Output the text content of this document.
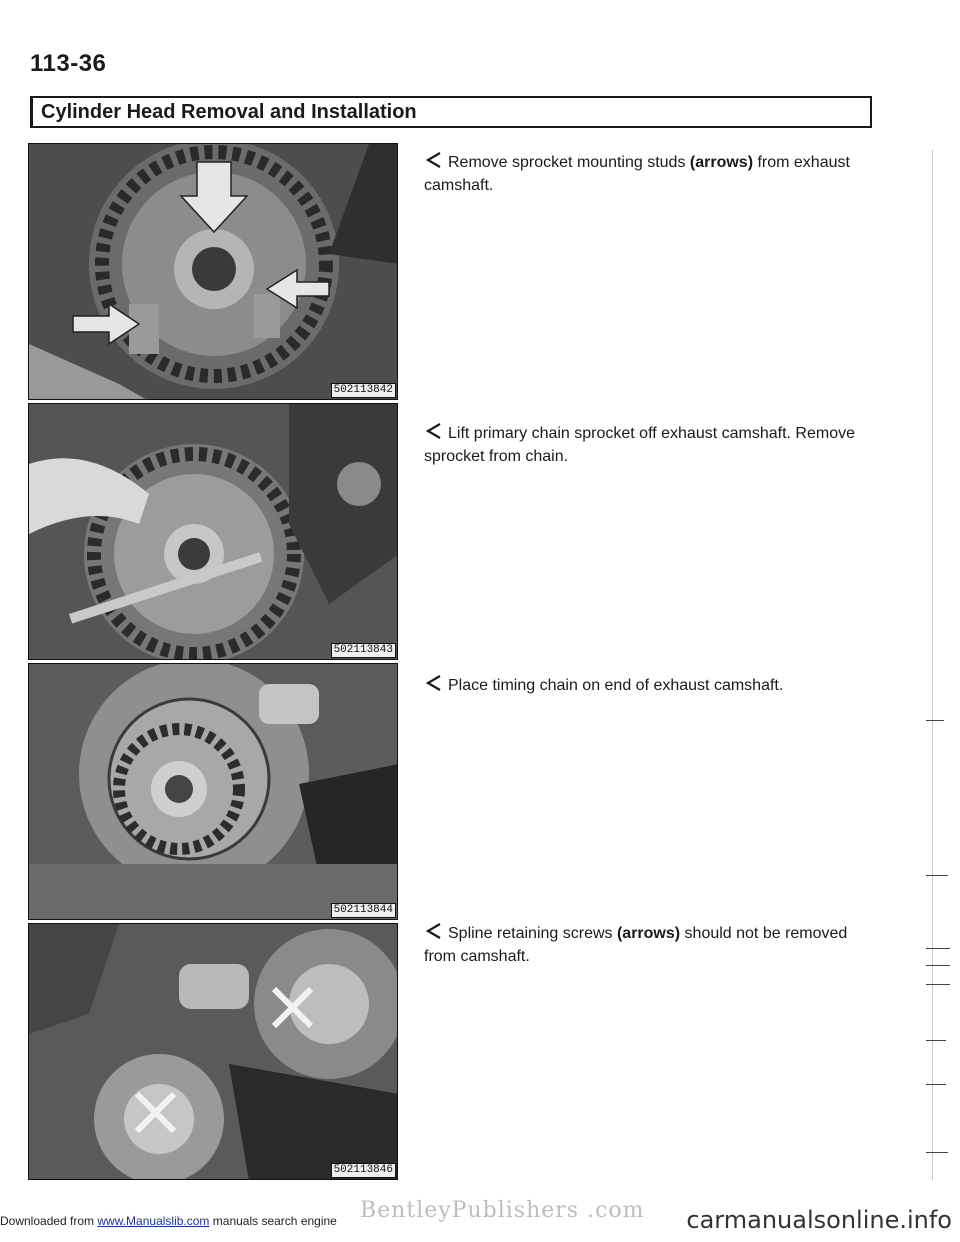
113-36
Cylinder Head Removal and Installation
502113842
502113843
502113844
502113846
Remove sprocket mounting studs (arrows) from exhaust camshaft.
Lift primary chain sprocket off exhaust camshaft. Remove sprocket from chain.
Place timing chain on end of exhaust camshaft.
Spline retaining screws (arrows) should not be removed from camshaft.
BentleyPublishers .com
Downloaded from www.Manualslib.com manuals search engine	carmanualsonline.info
